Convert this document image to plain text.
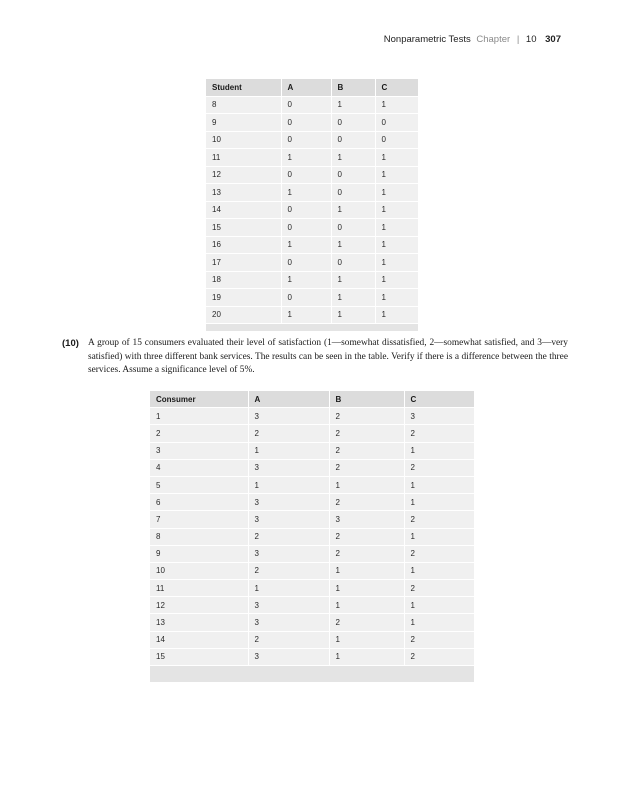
Nonparametric Tests Chapter | 10 307
Student	A	B	C
8	0	1	1
9	0	0	0
10	0	0	0
11	1	1	1
12	0	0	1
13	1	0	1
14	0	1	1
15	0	0	1
16	1	1	1
17	0	0	1
18	1	1	1
19	0	1	1
20	1	1	1

(10) A group of 15 consumers evaluated their level of satisfaction (1—somewhat dissatisfied, 2—somewhat satisfied, and 3—very satisfied) with three different bank services. The results can be seen in the table. Verify if there is a difference between the three services. Assume a significance level of 5%.
Consumer	A	B	C
1	3	2	3
2	2	2	2
3	1	2	1
4	3	2	2
5	1	1	1
6	3	2	1
7	3	3	2
8	2	2	1
9	3	2	2
10	2	1	1
11	1	1	2
12	3	1	1
13	3	2	1
14	2	1	2
15	3	1	2
